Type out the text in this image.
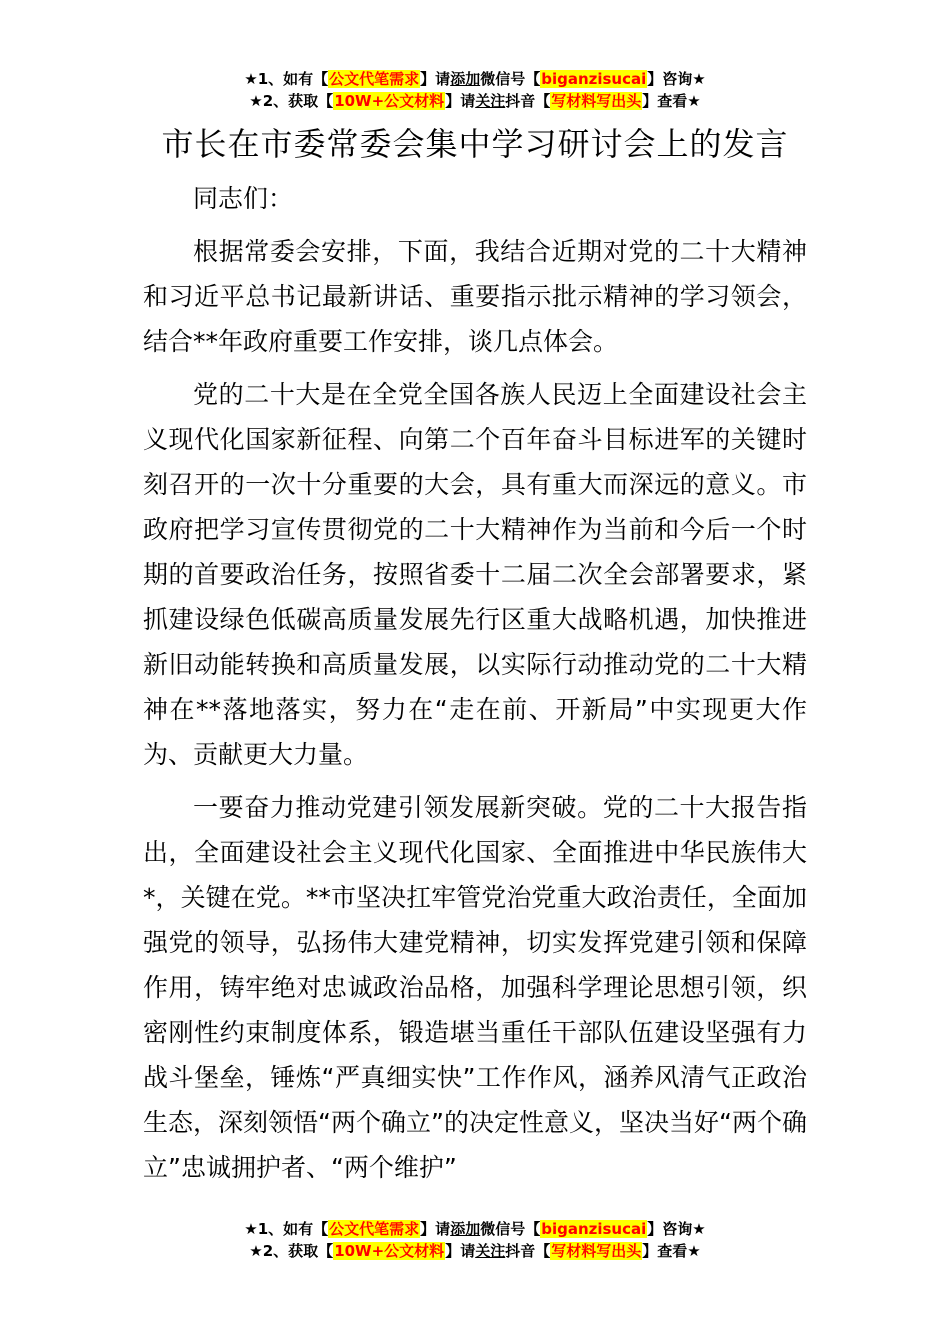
★1、如有【公文代笔需求】请添加微信号【biganzisucai】咨询★
★2、获取【10W+公文材料】请关注抖音【写材料写出头】查看★
市长在市委常委会集中学习研讨会上的发言

同志们：

根据常委会安排，下面，我结合近期对党的二十大精神和习近平总书记最新讲话、重要指示批示精神的学习领会，结合**年政府重要工作安排，谈几点体会。

党的二十大是在全党全国各族人民迈上全面建设社会主义现代化国家新征程、向第二个百年奋斗目标进军的关键时刻召开的一次十分重要的大会，具有重大而深远的意义。市政府把学习宣传贯彻党的二十大精神作为当前和今后一个时期的首要政治任务，按照省委十二届二次全会部署要求，紧抓建设绿色低碳高质量发展先行区重大战略机遇，加快推进新旧动能转换和高质量发展，以实际行动推动党的二十大精神在**落地落实，努力在“走在前、开新局”中实现更大作为、贡献更大力量。

一要奋力推动党建引领发展新突破。党的二十大报告指出，全面建设社会主义现代化国家、全面推进中华民族伟大*，关键在党。**市坚决扛牢管党治党重大政治责任，全面加强党的领导，弘扬伟大建党精神，切实发挥党建引领和保障作用，铸牢绝对忠诚政治品格，加强科学理论思想引领，织密刚性约束制度体系，锻造堪当重任干部队伍建设坚强有力战斗堡垒，锤炼“严真细实快”工作作风，涵养风清气正政治生态，深刻领悟“两个确立”的决定性意义，坚决当好“两个确立”忠诚拥护者、“两个维护”

★1、如有【公文代笔需求】请添加微信号【biganzisucai】咨询★
★2、获取【10W+公文材料】请关注抖音【写材料写出头】查看★
